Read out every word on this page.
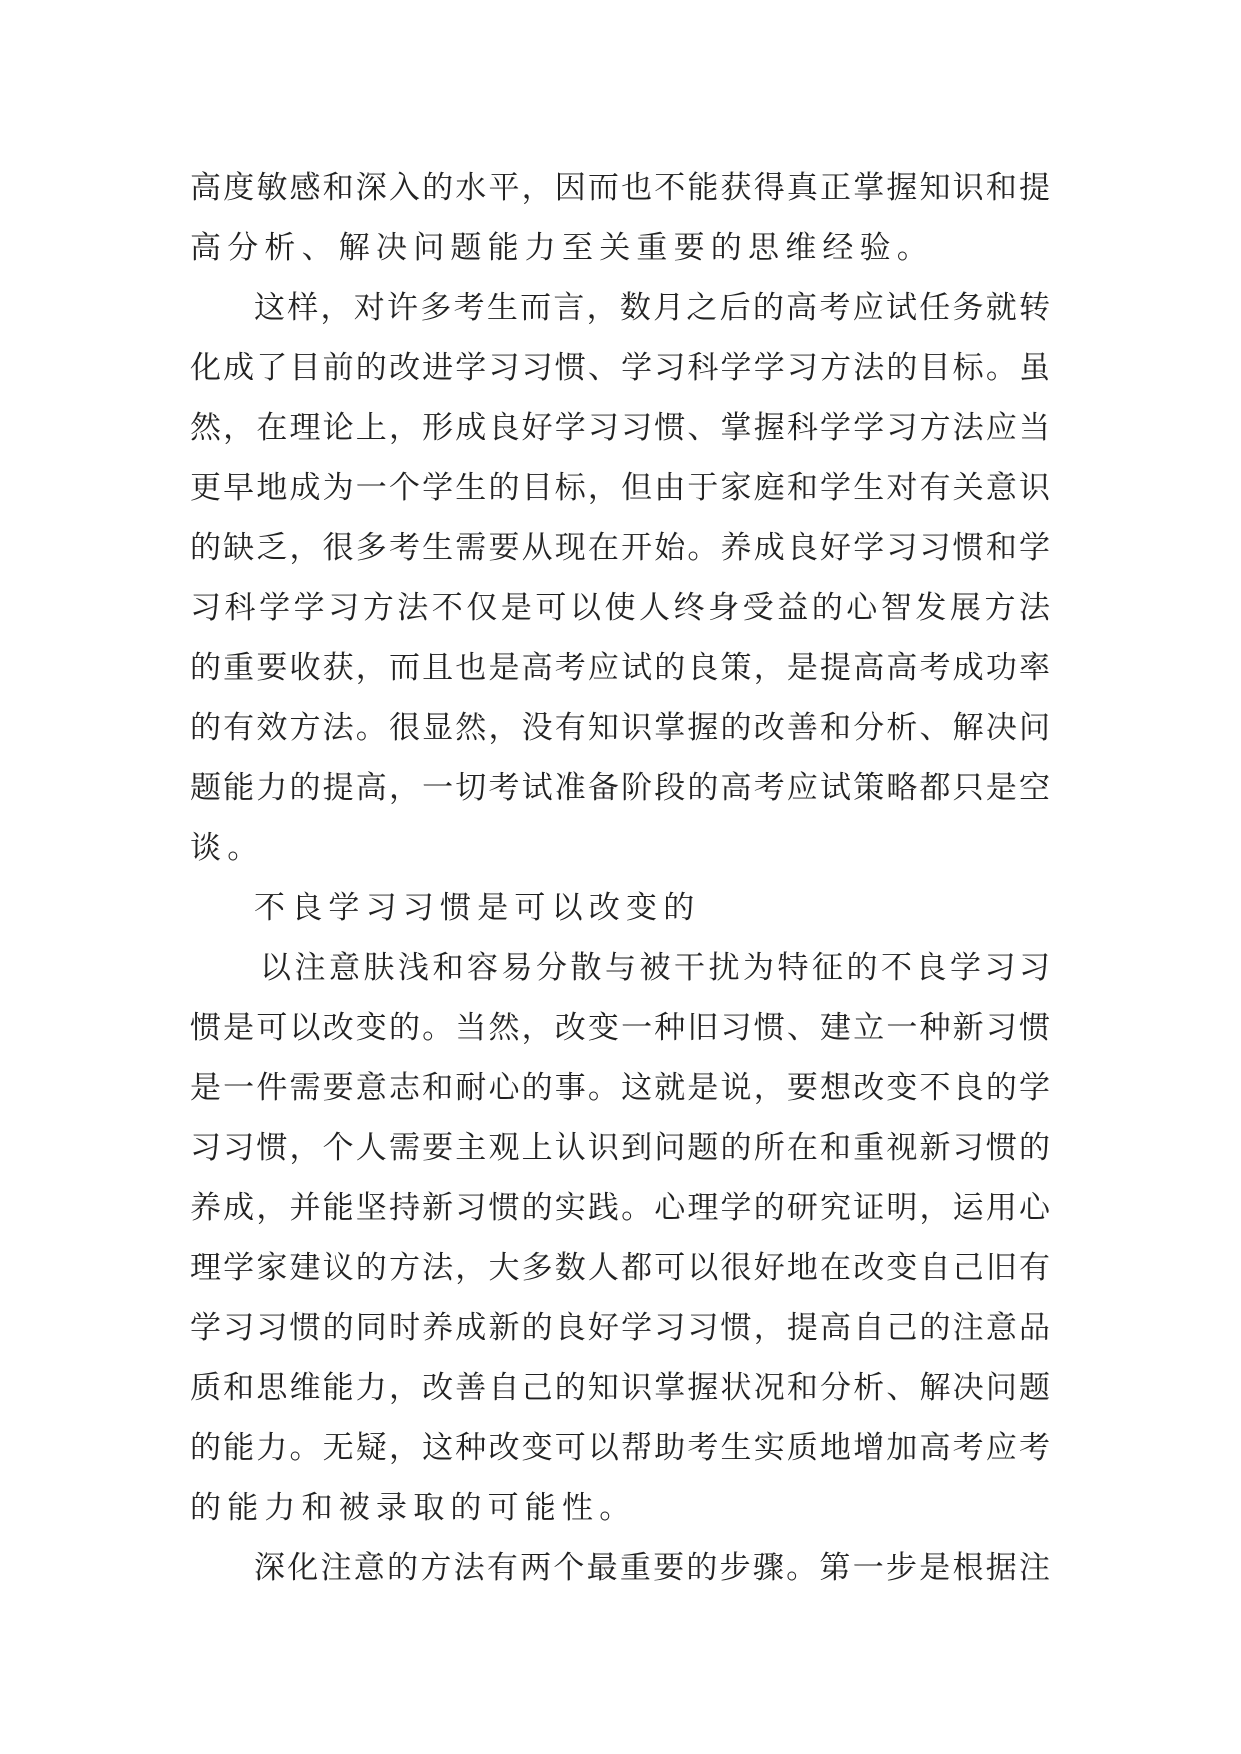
高度敏感和深入的水平，因而也不能获得真正掌握知识和提
高分析、解决问题能力至关重要的思维经验。
这样，对许多考生而言，数月之后的高考应试任务就转
化成了目前的改进学习习惯、学习科学学习方法的目标。虽
然，在理论上，形成良好学习习惯、掌握科学学习方法应当
更早地成为一个学生的目标，但由于家庭和学生对有关意识
的缺乏，很多考生需要从现在开始。养成良好学习习惯和学
习科学学习方法不仅是可以使人终身受益的心智发展方法
的重要收获，而且也是高考应试的良策，是提高高考成功率
的有效方法。很显然，没有知识掌握的改善和分析、解决问
题能力的提高，一切考试准备阶段的高考应试策略都只是空
谈。
不良学习习惯是可以改变的
以注意肤浅和容易分散与被干扰为特征的不良学习习
惯是可以改变的。当然，改变一种旧习惯、建立一种新习惯
是一件需要意志和耐心的事。这就是说，要想改变不良的学
习习惯，个人需要主观上认识到问题的所在和重视新习惯的
养成，并能坚持新习惯的实践。心理学的研究证明，运用心
理学家建议的方法，大多数人都可以很好地在改变自己旧有
学习习惯的同时养成新的良好学习习惯，提高自己的注意品
质和思维能力，改善自己的知识掌握状况和分析、解决问题
的能力。无疑，这种改变可以帮助考生实质地增加高考应考
的能力和被录取的可能性。
深化注意的方法有两个最重要的步骤。第一步是根据注
